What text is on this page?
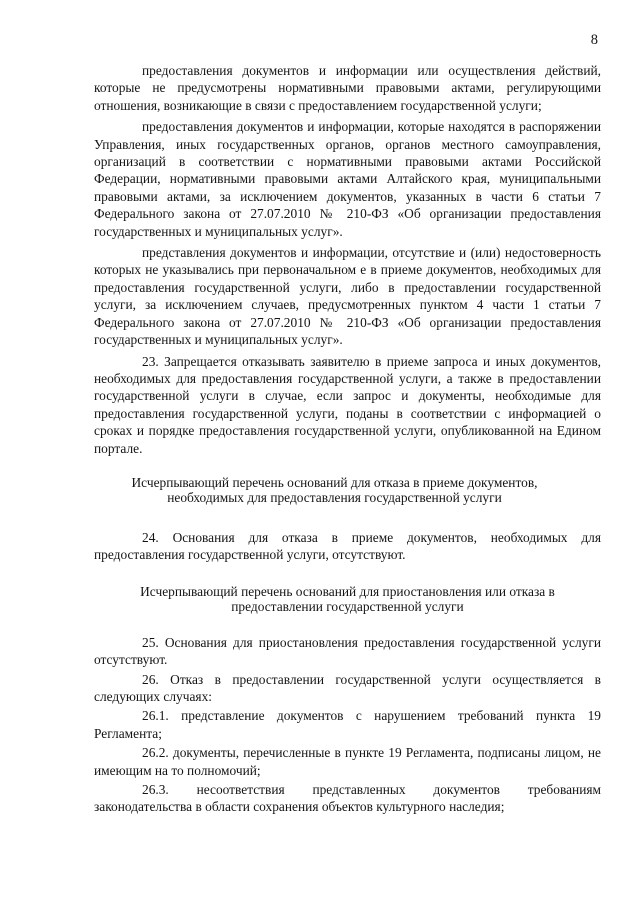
8

предоставления документов и информации или осуществления действий, которые не предусмотрены нормативными правовыми актами, регулирующими отношения, возникающие в связи с предоставлением государственной услуги;

предоставления документов и информации, которые находятся в распоряжении Управления, иных государственных органов, органов местного самоуправления, организаций в соответствии с нормативными правовыми актами Российской Федерации, нормативными правовыми актами Алтайского края, муниципальными правовыми актами, за исключением документов, указанных в части 6 статьи 7 Федерального закона от 27.07.2010 № 210-ФЗ «Об организации предоставления государственных и муниципальных услуг».

представления документов и информации, отсутствие и (или) недостоверность которых не указывались при первоначальном е в приеме документов, необходимых для предоставления государственной услуги, либо в предоставлении государственной услуги, за исключением случаев, предусмотренных пунктом 4 части 1 статьи 7 Федерального закона от 27.07.2010 № 210-ФЗ «Об организации предоставления государственных и муниципальных услуг».

23. Запрещается отказывать заявителю в приеме запроса и иных документов, необходимых для предоставления государственной услуги, а также в предоставлении государственной услуги в случае, если запрос и документы, необходимые для предоставления государственной услуги, поданы в соответствии с информацией о сроках и порядке предоставления государственной услуги, опубликованной на Едином портале.

Исчерпывающий перечень оснований для отказа в приеме документов, необходимых для предоставления государственной услуги

24. Основания для отказа в приеме документов, необходимых для предоставления государственной услуги, отсутствуют.

Исчерпывающий перечень оснований для приостановления или отказа в предоставлении государственной услуги

25. Основания для приостановления предоставления государственной услуги отсутствуют.

26. Отказ в предоставлении государственной услуги осуществляется в следующих случаях:

26.1. представление документов с нарушением требований пункта 19 Регламента;

26.2. документы, перечисленные в пункте 19 Регламента, подписаны лицом, не имеющим на то полномочий;

26.3. несоответствия представленных документов требованиям законодательства в области сохранения объектов культурного наследия;
